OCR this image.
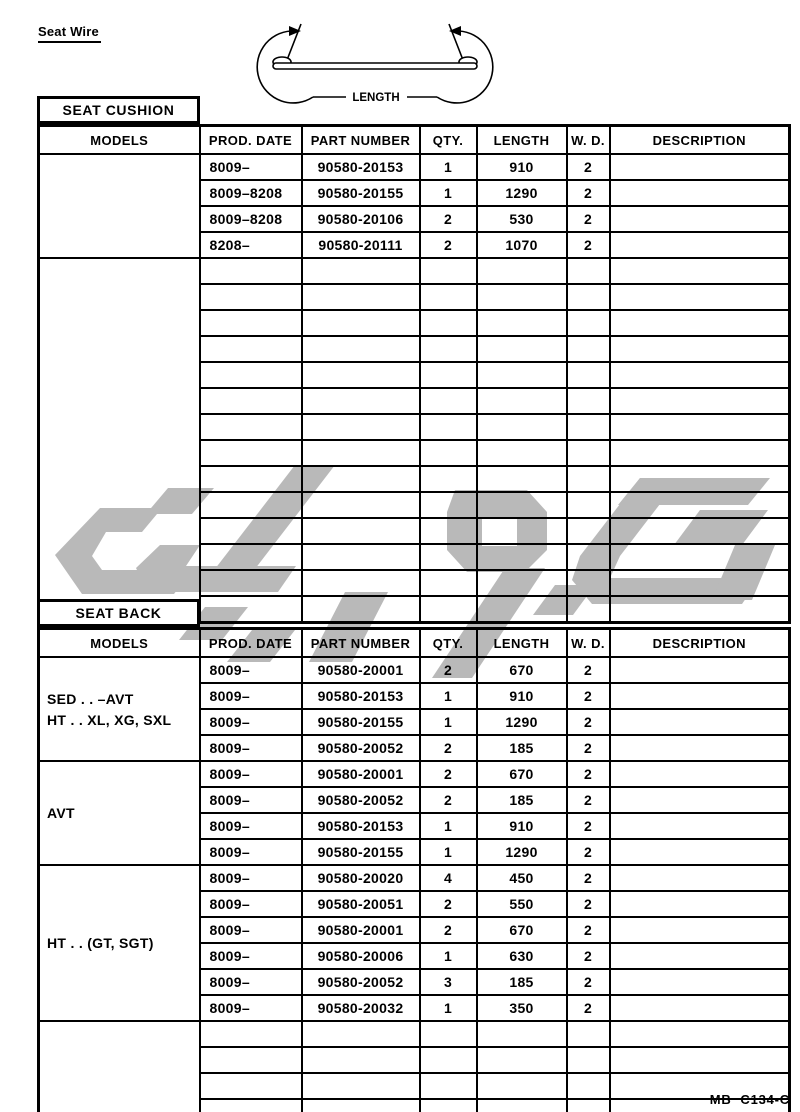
Seat Wire
LENGTH
SEAT CUSHION
MODELS	PROD. DATE	PART NUMBER	QTY.	LENGTH	W. D.	DESCRIPTION
	8009–	90580-20153	1	910	2	
	8009–8208	90580-20155	1	1290	2	
	8009–8208	90580-20106	2	530	2	
	8208–	90580-20111	2	1070	2	

SEAT BACK
MODELS	PROD. DATE	PART NUMBER	QTY.	LENGTH	W. D.	DESCRIPTION

SED . . –AVT
HT . . XL, XG, SXL	8009–	90580-20001	2	670	2	
	8009–	90580-20153	1	910	2	
	8009–	90580-20155	1	1290	2	
	8009–	90580-20052	2	185	2	

AVT	8009–	90580-20001	2	670	2	
	8009–	90580-20052	2	185	2	
	8009–	90580-20153	1	910	2	
	8009–	90580-20155	1	1290	2	

HT . . (GT, SGT)	8009–	90580-20020	4	450	2	
	8009–	90580-20051	2	550	2	
	8009–	90580-20001	2	670	2	
	8009–	90580-20006	1	630	2	
	8009–	90580-20052	3	185	2	
	8009–	90580-20032	1	350	2	

MB  C134-C
